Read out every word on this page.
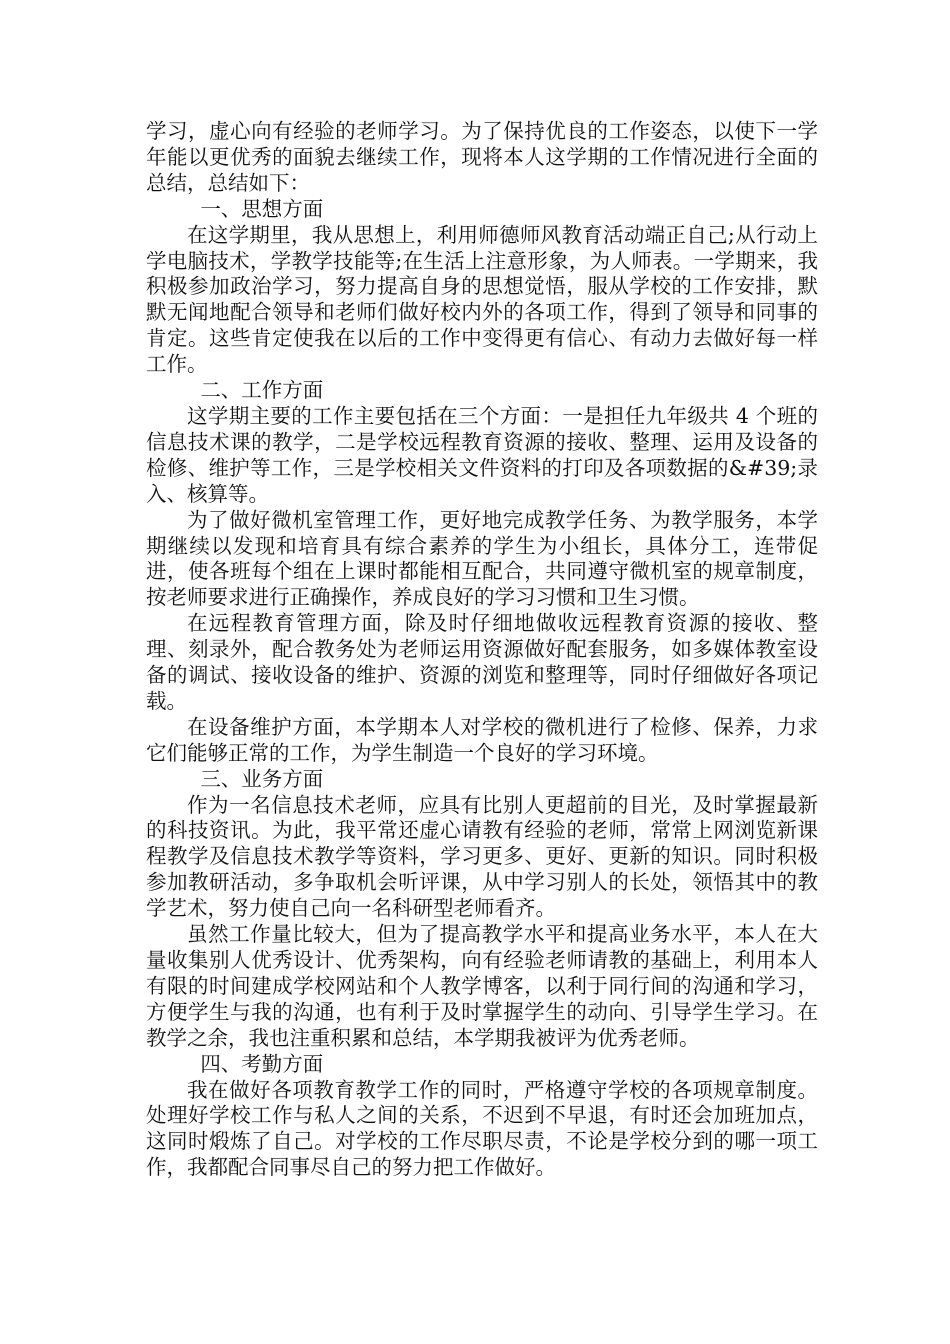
学习，虚心向有经验的老师学习。为了保持优良的工作姿态，以使下一学年能以更优秀的面貌去继续工作，现将本人这学期的工作情况进行全面的总结，总结如下：

一、思想方面

在这学期里，我从思想上，利用师德师风教育活动端正自己;从行动上学电脑技术，学教学技能等;在生活上注意形象，为人师表。一学期来，我积极参加政治学习，努力提高自身的思想觉悟，服从学校的工作安排，默默无闻地配合领导和老师们做好校内外的各项工作，得到了领导和同事的肯定。这些肯定使我在以后的工作中变得更有信心、有动力去做好每一样工作。

二、工作方面

这学期主要的工作主要包括在三个方面：一是担任九年级共 4 个班的信息技术课的教学，二是学校远程教育资源的接收、整理、运用及设备的检修、维护等工作，三是学校相关文件资料的打印及各项数据的&#39;录入、核算等。

为了做好微机室管理工作，更好地完成教学任务、为教学服务，本学期继续以发现和培育具有综合素养的学生为小组长，具体分工，连带促进，使各班每个组在上课时都能相互配合，共同遵守微机室的规章制度，按老师要求进行正确操作，养成良好的学习习惯和卫生习惯。

在远程教育管理方面，除及时仔细地做收远程教育资源的接收、整理、刻录外，配合教务处为老师运用资源做好配套服务，如多媒体教室设备的调试、接收设备的维护、资源的浏览和整理等，同时仔细做好各项记载。

在设备维护方面，本学期本人对学校的微机进行了检修、保养，力求它们能够正常的工作，为学生制造一个良好的学习环境。

三、业务方面

作为一名信息技术老师，应具有比别人更超前的目光，及时掌握最新的科技资讯。为此，我平常还虚心请教有经验的老师，常常上网浏览新课程教学及信息技术教学等资料，学习更多、更好、更新的知识。同时积极参加教研活动，多争取机会听评课，从中学习别人的长处，领悟其中的教学艺术，努力使自己向一名科研型老师看齐。

虽然工作量比较大，但为了提高教学水平和提高业务水平，本人在大量收集别人优秀设计、优秀架构，向有经验老师请教的基础上，利用本人有限的时间建成学校网站和个人教学博客，以利于同行间的沟通和学习，方便学生与我的沟通，也有利于及时掌握学生的动向、引导学生学习。在教学之余，我也注重积累和总结，本学期我被评为优秀老师。

四、考勤方面

我在做好各项教育教学工作的同时，严格遵守学校的各项规章制度。处理好学校工作与私人之间的关系，不迟到不早退，有时还会加班加点，这同时煅炼了自己。对学校的工作尽职尽责，不论是学校分到的哪一项工作，我都配合同事尽自己的努力把工作做好。
